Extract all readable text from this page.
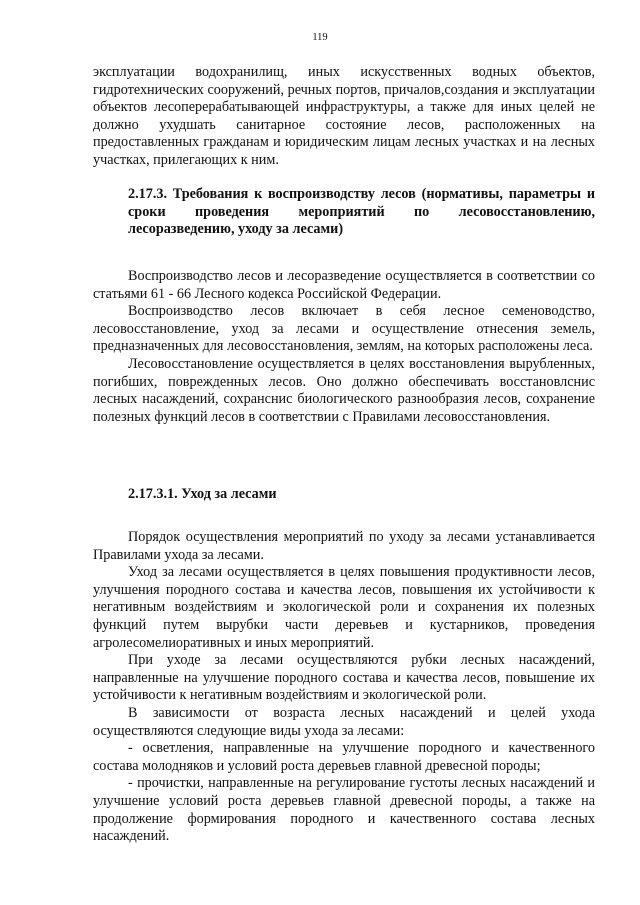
119

эксплуатации водохранилищ, иных искусственных водных объектов, гидротехнических сооружений, речных портов, причалов,создания и эксплуатации объектов лесоперерабатывающей инфраструктуры, а также для иных целей не должно ухудшать санитарное состояние лесов, расположенных на предоставленных гражданам и юридическим лицам лесных участках и на лесных участках, прилегающих к ним.

2.17.3. Требования к воспроизводству лесов (нормативы, параметры и сроки проведения мероприятий по лесовосстановлению, лесоразведению, уходу за лесами)

Воспроизводство лесов и лесоразведение осуществляется в соответствии со статьями 61 - 66 Лесного кодекса Российской Федерации.

Воспроизводство лесов включает в себя лесное семеноводство, лесовосстановление, уход за лесами и осуществление отнесения земель, предназначенных для лесовосстановления, землям, на которых расположены леса.

Лесовосстановление осуществляется в целях восстановления вырубленных, погибших, поврежденных лесов. Оно должно обеспечивать восстановлснис лесных насаждений, сохранснис биологического разнообразия лесов, сохранение полезных функций лесов в соответствии с Правилами лесовосстановления.

2.17.3.1. Уход за лесами

Порядок осуществления мероприятий по уходу за лесами устанавливается Правилами ухода за лесами.

Уход за лесами осуществляется в целях повышения продуктивности лесов, улучшения породного состава и качества лесов, повышения их устойчивости к негативным воздействиям и экологической роли и сохранения их полезных функций путем вырубки части деревьев и кустарников, проведения агролесомелиоративных и иных мероприятий.

При уходе за лесами осуществляются рубки лесных насаждений, направленные на улучшение породного состава и качества лесов, повышение их устойчивости к негативным воздействиям и экологической роли.

В зависимости от возраста лесных насаждений и целей ухода осуществляются следующие виды ухода за лесами:

- осветления, направленные на улучшение породного и качественного состава молодняков и условий роста деревьев главной древесной породы;

- прочистки, направленные на регулирование густоты лесных насаждений и улучшение условий роста деревьев главной древесной породы, а также на продолжение формирования породного и качественного состава лесных насаждений.
